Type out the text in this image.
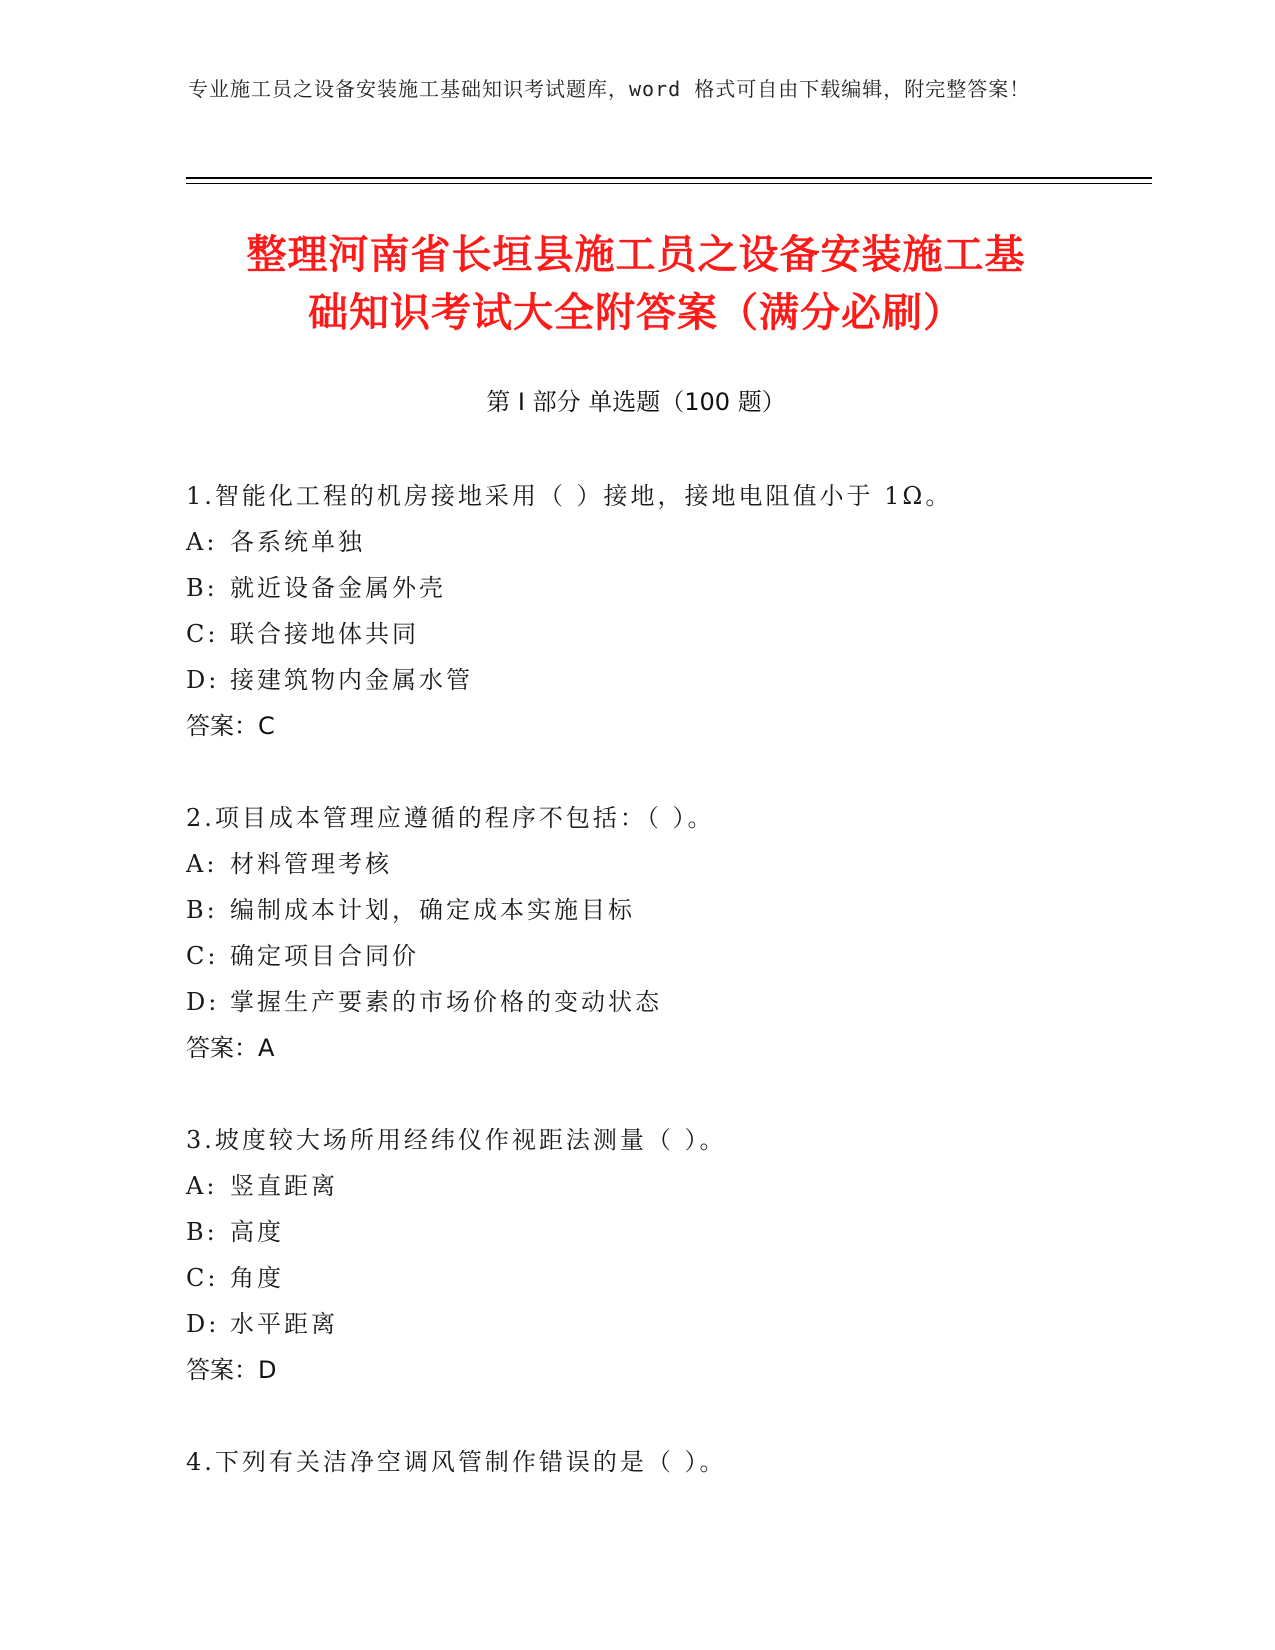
专业施工员之设备安装施工基础知识考试题库，word 格式可自由下载编辑，附完整答案！
整理河南省长垣县施工员之设备安装施工基
础知识考试大全附答案（满分必刷）
第 I 部分 单选题（100 题）
1.智能化工程的机房接地采用（ ）接地，接地电阻值小于 1Ω。
A: 各系统单独
B: 就近设备金属外壳
C: 联合接地体共同
D: 接建筑物内金属水管
答案：C
2.项目成本管理应遵循的程序不包括：（ ）。
A: 材料管理考核
B: 编制成本计划，确定成本实施目标
C: 确定项目合同价
D: 掌握生产要素的市场价格的变动状态
答案：A
3.坡度较大场所用经纬仪作视距法测量（ ）。
A: 竖直距离
B: 高度
C: 角度
D: 水平距离
答案：D
4.下列有关洁净空调风管制作错误的是（ ）。
